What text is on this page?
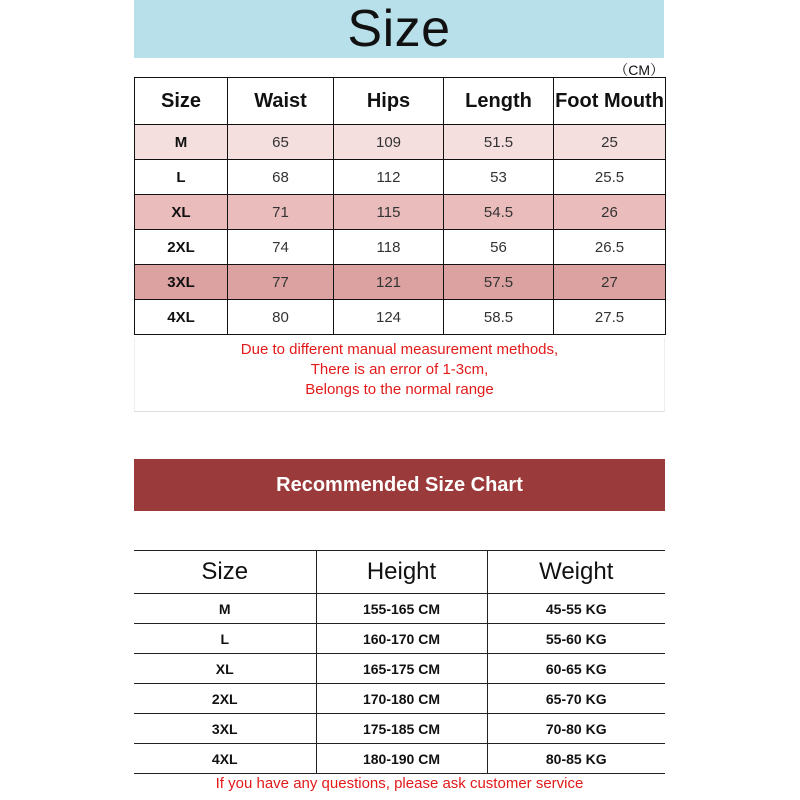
Size
（CM）
Size	Waist	Hips	Length	Foot Mouth
M	65	109	51.5	25
L	68	112	53	25.5
XL	71	115	54.5	26
2XL	74	118	56	26.5
3XL	77	121	57.5	27
4XL	80	124	58.5	27.5
Due to different manual measurement methods,
There is an error of 1-3cm,
Belongs to the normal range
Recommended Size Chart
Size	Height	Weight
M	155-165 CM	45-55 KG
L	160-170 CM	55-60 KG
XL	165-175 CM	60-65 KG
2XL	170-180 CM	65-70 KG
3XL	175-185 CM	70-80 KG
4XL	180-190 CM	80-85 KG
If you have any questions, please ask customer service
